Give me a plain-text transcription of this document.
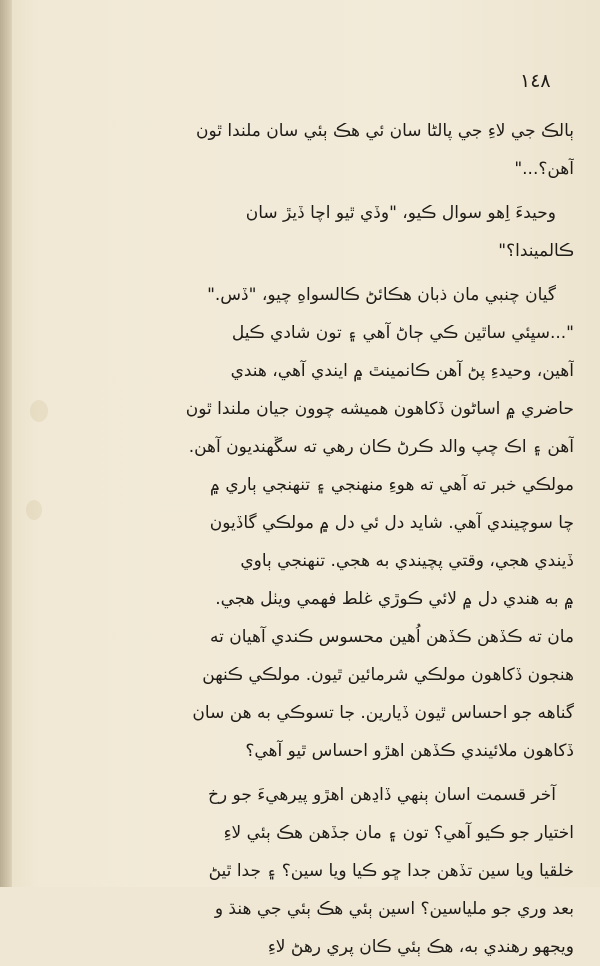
١٤٨
ٻالڪ جي لاءِ جي پالڻا سان ئي هڪ ٻئي سان ملندا ٿون
آهن؟..."
وحيدءَ اِهو سوال ڪيو، "وڏي ٿيو اچا ڏيڙ سان
ڪالميندا؟"
گيان چنبي مان ذبان هڪائڻ ڪالسواهِ چيو، "ڏس."
"...سڀئي ساٿين ڪي ڄاڻ آهي ۽ تون شادي ڪيل
آهين، وحيدءِ پڻ آهن ڪانمينٿ ۾ ايندي آهي، هندي
حاضري ۾ اساڻون ڏکاهون هميشه چوون جيان ملندا ٿون
آهن ۽ اڪ چپ والد ڪرڻ ڪان رهي ته سڱهنديون آهن.
مولڪي خبر ته آهي ته هوءِ منهنجي ۽ تنهنجي ٻاري ۾
چا سوچيندي آهي. شايد دل ئي دل ۾ مولڪي گاڏيون
ڏيندي هجي، وقتي پچيندي به هجي. تنهنجي ٻاوي
۾ به هندي دل ۾ لائي ڪوڙي غلط فهمي ويٺل هجي.
مان ته ڪڏهن ڪڏهن اُهين محسوس ڪندي آهيان ته
هنجون ڏکاهون مولڪي شرمائين ٿيون. مولڪي ڪنهن
گناهه جو احساس ٿيون ڏيارين. جا تسوڪي به هن سان
ڏکاهون ملائيندي ڪڏهن اهڙو احساس ٿيو آهي؟
آخر قسمت اسان ٻنهي ڏاڍهن اهڙو پيرهيءَ جو رخ
اختيار جو ڪيو آهي؟ تون ۽ مان جڏهن هڪ ٻئي لاءِ
خلقيا ويا سين تڏهن جدا ڇو ڪيا ويا سين؟ ۽ جدا ٿيڻ
بعد وري جو ملياسين؟ اسين ٻئي هڪ ٻئي جي هنڌ و
ويجهو رهندي به، هڪ ٻئي ڪان پري رهڻ لاءِ
